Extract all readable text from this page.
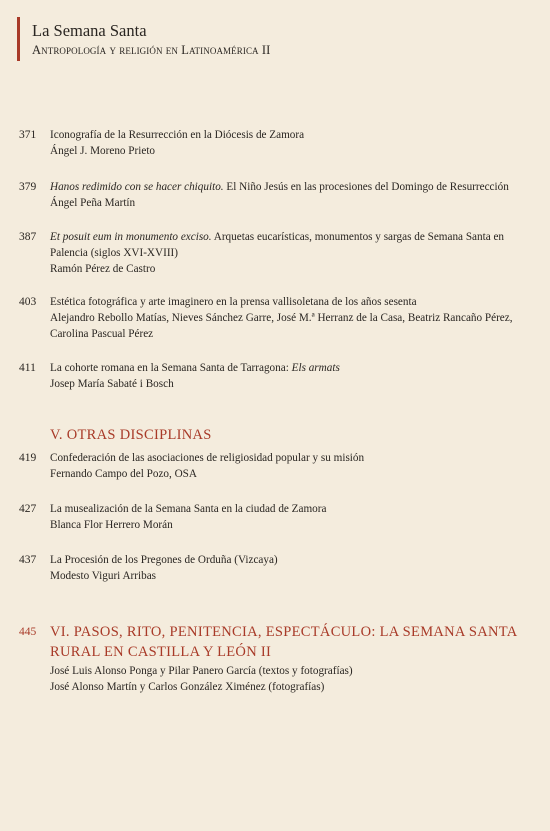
La Semana Santa
Antropología y religión en Latinoamérica II
371	Iconografía de la Resurrección en la Diócesis de Zamora
Ángel J. Moreno Prieto
379	Hanos redimido con se hacer chiquito. El Niño Jesús en las procesiones del Domingo de Resurrección
Ángel Peña Martín
387	Et posuit eum in monumento exciso. Arquetas eucarísticas, monumentos y sargas de Semana Santa en Palencia (siglos XVI-XVIII)
Ramón Pérez de Castro
403	Estética fotográfica y arte imaginero en la prensa vallisoletana de los años sesenta
Alejandro Rebollo Matías, Nieves Sánchez Garre, José M.ª Herranz de la Casa, Beatriz Rancaño Pérez, Carolina Pascual Pérez
411	La cohorte romana en la Semana Santa de Tarragona: Els armats
Josep María Sabaté i Bosch
V. OTRAS DISCIPLINAS
419	Confederación de las asociaciones de religiosidad popular y su misión
Fernando Campo del Pozo, OSA
427	La musealización de la Semana Santa en la ciudad de Zamora
Blanca Flor Herrero Morán
437	La Procesión de los Pregones de Orduña (Vizcaya)
Modesto Viguri Arribas
445 VI. PASOS, RITO, PENITENCIA, ESPECTÁCULO: LA SEMANA SANTA RURAL EN CASTILLA Y LEÓN II
José Luis Alonso Ponga y Pilar Panero García (textos y fotografías)
José Alonso Martín y Carlos González Ximénez (fotografías)
